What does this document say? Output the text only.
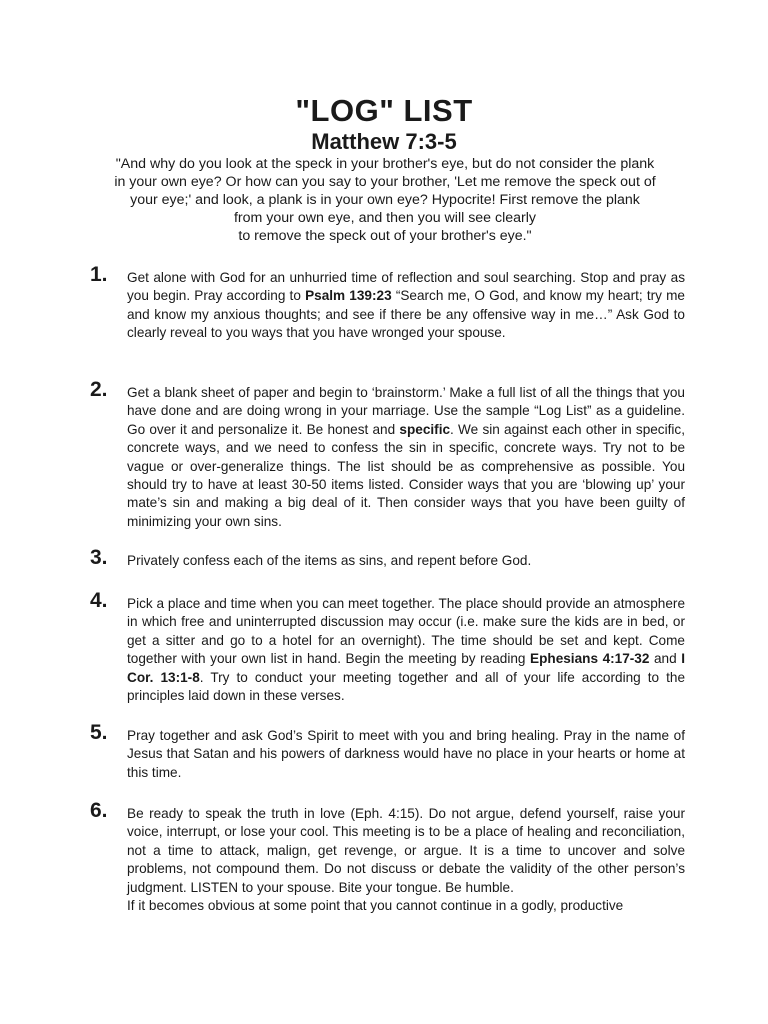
"LOG" LIST
Matthew 7:3-5
"And why do you look at the speck in your brother's eye, but do not consider the plank
in your own eye? Or how can you say to your brother, 'Let me remove the speck out of
your eye;' and look, a plank is in your own eye? Hypocrite! First remove the plank
from your own eye, and then you will see clearly
to remove the speck out of your brother's eye."
1. Get alone with God for an unhurried time of reflection and soul searching. Stop and pray as you begin. Pray according to Psalm 139:23 “Search me, O God, and know my heart; try me and know my anxious thoughts; and see if there be any offensive way in me…” Ask God to clearly reveal to you ways that you have wronged your spouse.
2. Get a blank sheet of paper and begin to ‘brainstorm.’ Make a full list of all the things that you have done and are doing wrong in your marriage. Use the sample “Log List” as a guideline. Go over it and personalize it. Be honest and specific. We sin against each other in specific, concrete ways, and we need to confess the sin in specific, concrete ways. Try not to be vague or over-generalize things. The list should be as comprehensive as possible. You should try to have at least 30-50 items listed. Consider ways that you are ‘blowing up’ your mate’s sin and making a big deal of it. Then consider ways that you have been guilty of minimizing your own sins.
3. Privately confess each of the items as sins, and repent before God.
4. Pick a place and time when you can meet together. The place should provide an atmosphere in which free and uninterrupted discussion may occur (i.e. make sure the kids are in bed, or get a sitter and go to a hotel for an overnight). The time should be set and kept. Come together with your own list in hand. Begin the meeting by reading Ephesians 4:17-32 and I Cor. 13:1-8. Try to conduct your meeting together and all of your life according to the principles laid down in these verses.
5. Pray together and ask God’s Spirit to meet with you and bring healing. Pray in the name of Jesus that Satan and his powers of darkness would have no place in your hearts or home at this time.
6. Be ready to speak the truth in love (Eph. 4:15). Do not argue, defend yourself, raise your voice, interrupt, or lose your cool. This meeting is to be a place of healing and reconciliation, not a time to attack, malign, get revenge, or argue. It is a time to uncover and solve problems, not compound them. Do not discuss or debate the validity of the other person’s judgment. LISTEN to your spouse. Bite your tongue. Be humble.
If it becomes obvious at some point that you cannot continue in a godly, productive
